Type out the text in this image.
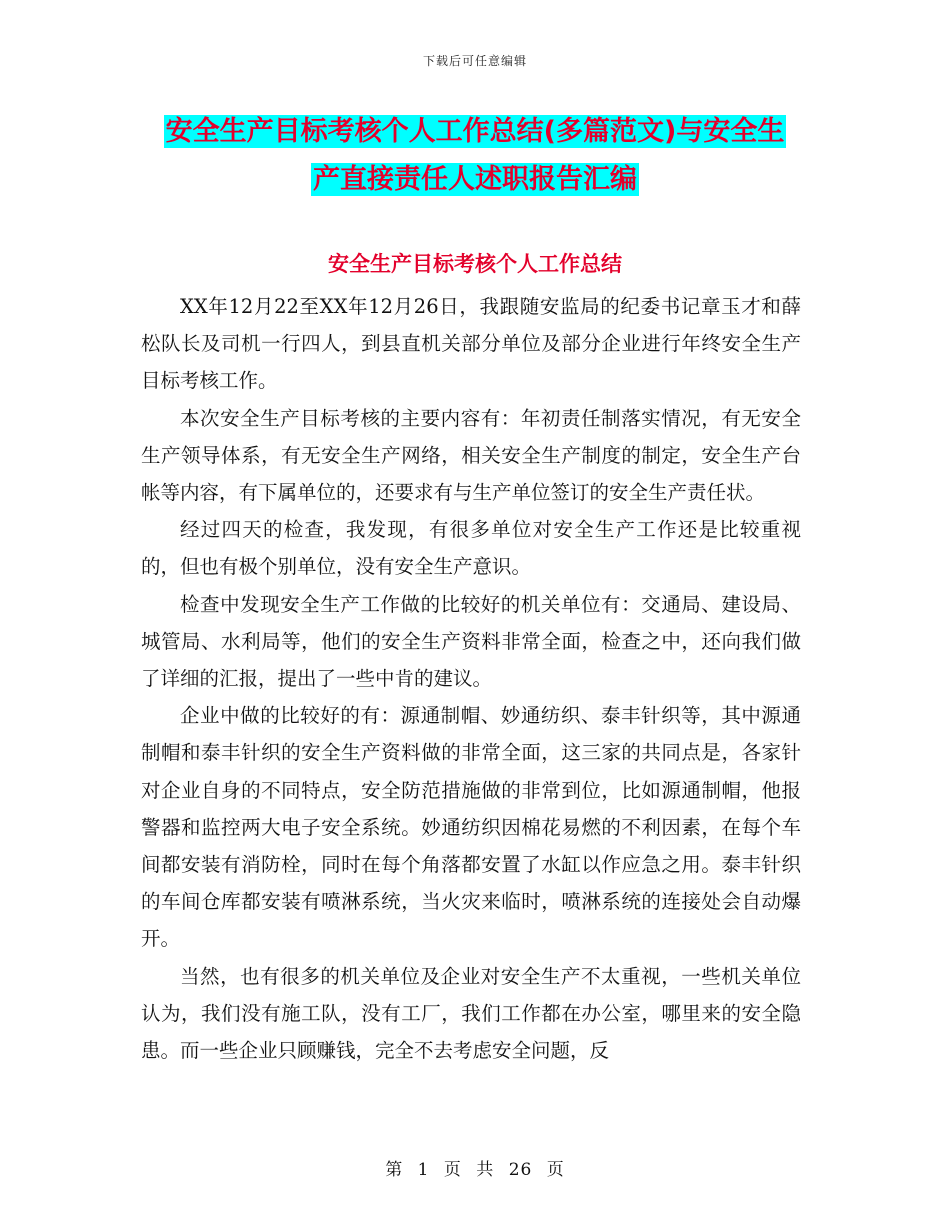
下载后可任意编辑
安全生产目标考核个人工作总结(多篇范文)与安全生
产直接责任人述职报告汇编
安全生产目标考核个人工作总结

XX年12月22至XX年12月26日，我跟随安监局的纪委书记章玉才和薛松队长及司机一行四人，到县直机关部分单位及部分企业进行年终安全生产目标考核工作。

本次安全生产目标考核的主要内容有：年初责任制落实情况，有无安全生产领导体系，有无安全生产网络，相关安全生产制度的制定，安全生产台帐等内容，有下属单位的，还要求有与生产单位签订的安全生产责任状。

经过四天的检查，我发现，有很多单位对安全生产工作还是比较重视的，但也有极个别单位，没有安全生产意识。

检查中发现安全生产工作做的比较好的机关单位有：交通局、建设局、城管局、水利局等，他们的安全生产资料非常全面，检查之中，还向我们做了详细的汇报，提出了一些中肯的建议。

企业中做的比较好的有：源通制帽、妙通纺织、泰丰针织等，其中源通制帽和泰丰针织的安全生产资料做的非常全面，这三家的共同点是，各家针对企业自身的不同特点，安全防范措施做的非常到位，比如源通制帽，他报警器和监控两大电子安全系统。妙通纺织因棉花易燃的不利因素，在每个车间都安装有消防栓，同时在每个角落都安置了水缸以作应急之用。泰丰针织的车间仓库都安装有喷淋系统，当火灾来临时，喷淋系统的连接处会自动爆开。

当然，也有很多的机关单位及企业对安全生产不太重视，一些机关单位认为，我们没有施工队，没有工厂，我们工作都在办公室，哪里来的安全隐患。而一些企业只顾赚钱，完全不去考虑安全问题，反

第 1 页 共 26 页
